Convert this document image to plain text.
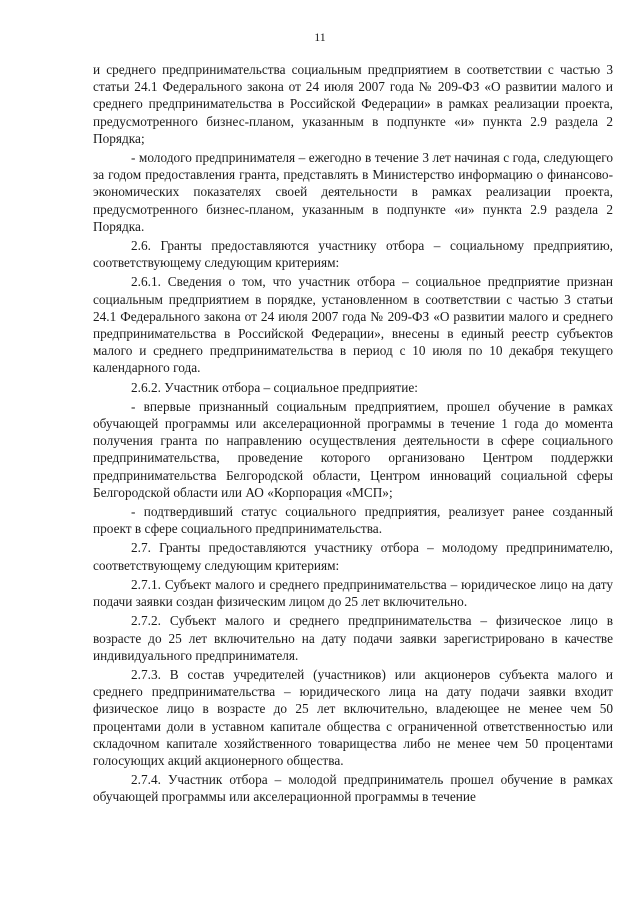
11

и среднего предпринимательства социальным предприятием в соответствии с частью 3 статьи 24.1 Федерального закона от 24 июля 2007 года № 209-ФЗ «О развитии малого и среднего предпринимательства в Российской Федерации» в рамках реализации проекта, предусмотренного бизнес-планом, указанным в подпункте «и» пункта 2.9 раздела 2 Порядка;

- молодого предпринимателя – ежегодно в течение 3 лет начиная с года, следующего за годом предоставления гранта, представлять в Министерство информацию о финансово-экономических показателях своей деятельности в рамках реализации проекта, предусмотренного бизнес-планом, указанным в подпункте «и» пункта 2.9 раздела 2 Порядка.

2.6. Гранты предоставляются участнику отбора – социальному предприятию, соответствующему следующим критериям:

2.6.1. Сведения о том, что участник отбора – социальное предприятие признан социальным предприятием в порядке, установленном в соответствии с частью 3 статьи 24.1 Федерального закона от 24 июля 2007 года № 209-ФЗ «О развитии малого и среднего предпринимательства в Российской Федерации», внесены в единый реестр субъектов малого и среднего предпринимательства в период с 10 июля по 10 декабря текущего календарного года.

2.6.2. Участник отбора – социальное предприятие:

- впервые признанный социальным предприятием, прошел обучение в рамках обучающей программы или акселерационной программы в течение 1 года до момента получения гранта по направлению осуществления деятельности в сфере социального предпринимательства, проведение которого организовано Центром поддержки предпринимательства Белгородской области, Центром инноваций социальной сферы Белгородской области или АО «Корпорация «МСП»;

- подтвердивший статус социального предприятия, реализует ранее созданный проект в сфере социального предпринимательства.

2.7. Гранты предоставляются участнику отбора – молодому предпринимателю, соответствующему следующим критериям:

2.7.1. Субъект малого и среднего предпринимательства – юридическое лицо на дату подачи заявки создан физическим лицом до 25 лет включительно.

2.7.2. Субъект малого и среднего предпринимательства – физическое лицо в возрасте до 25 лет включительно на дату подачи заявки зарегистрировано в качестве индивидуального предпринимателя.

2.7.3. В состав учредителей (участников) или акционеров субъекта малого и среднего предпринимательства – юридического лица на дату подачи заявки входит физическое лицо в возрасте до 25 лет включительно, владеющее не менее чем 50 процентами доли в уставном капитале общества с ограниченной ответственностью или складочном капитале хозяйственного товарищества либо не менее чем 50 процентами голосующих акций акционерного общества.

2.7.4. Участник отбора – молодой предприниматель прошел обучение в рамках обучающей программы или акселерационной программы в течение
